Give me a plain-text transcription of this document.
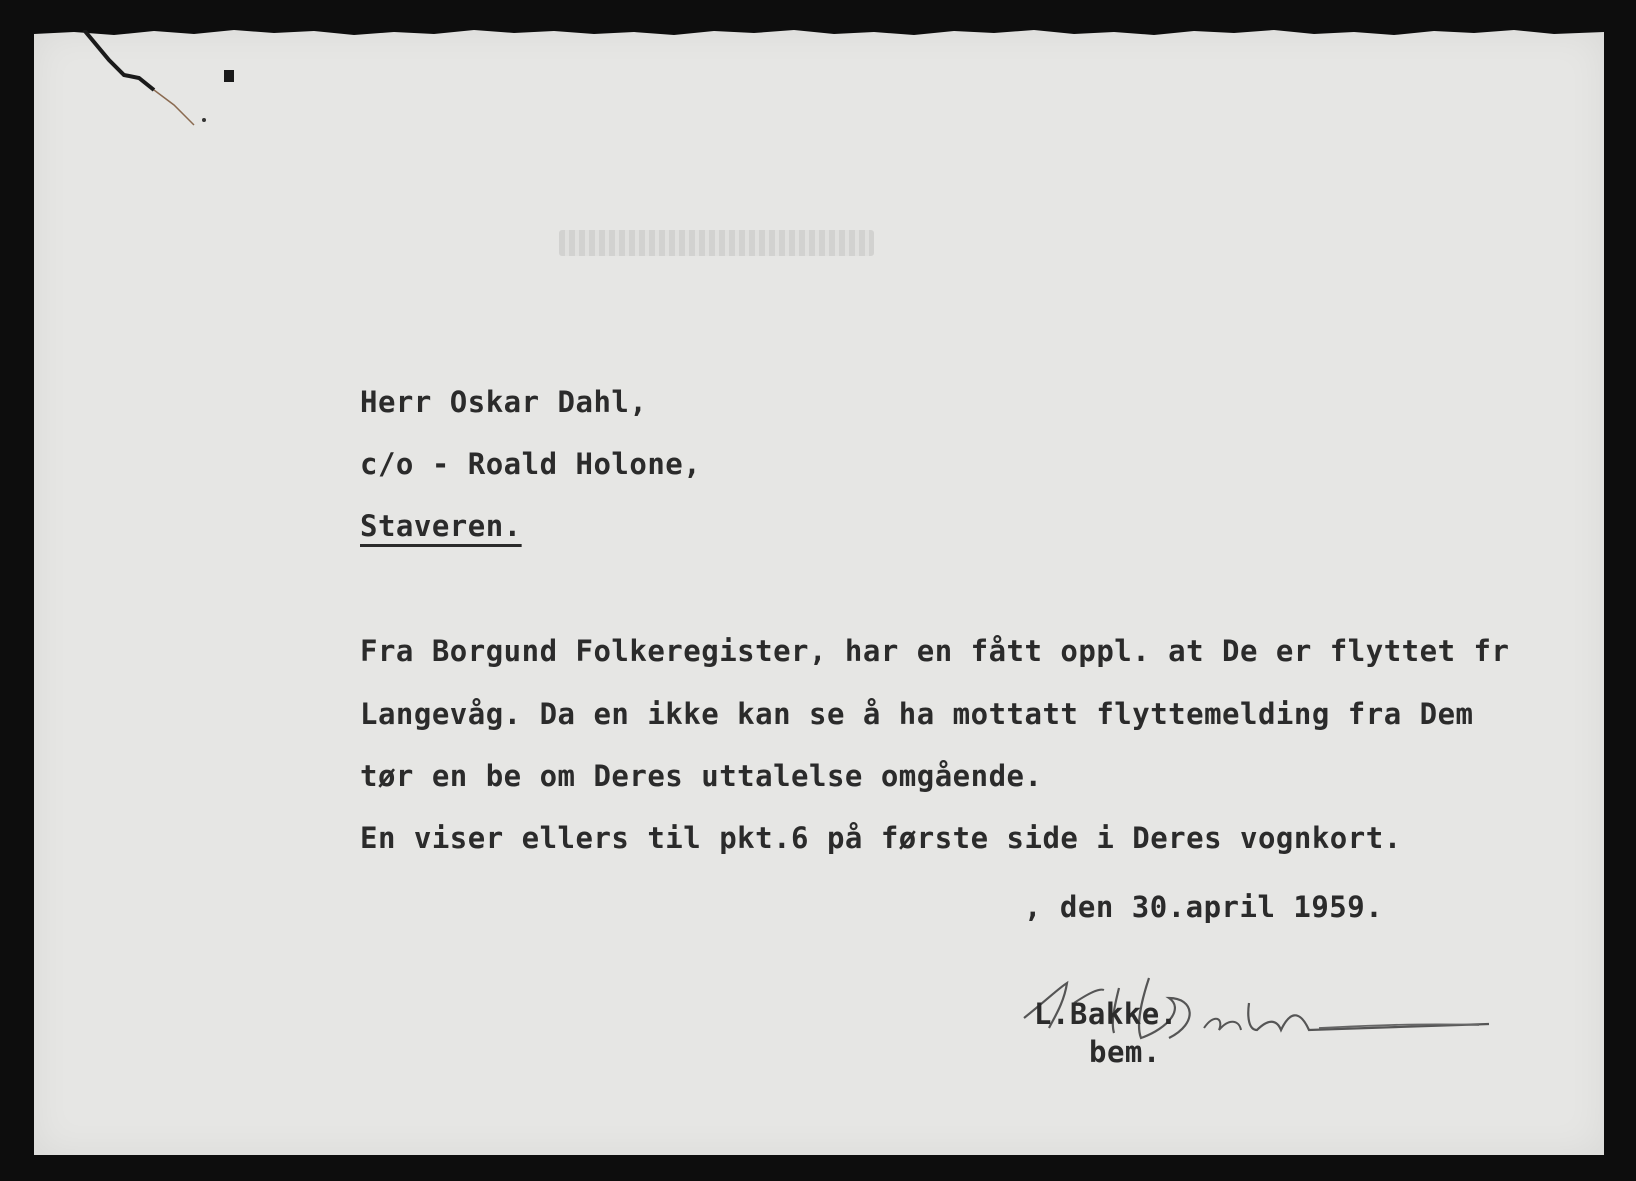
Herr Oskar Dahl,
c/o - Roald Holone,
Staveren.
Fra Borgund Folkeregister, har en fått oppl. at De er flyttet fr
Langevåg. Da en ikke kan se å ha mottatt flyttemelding fra Dem
tør en be om Deres uttalelse omgående.
En viser ellers til pkt.6 på første side i Deres vognkort.
, den 30.april 1959.
L.Bakke.
bem.
